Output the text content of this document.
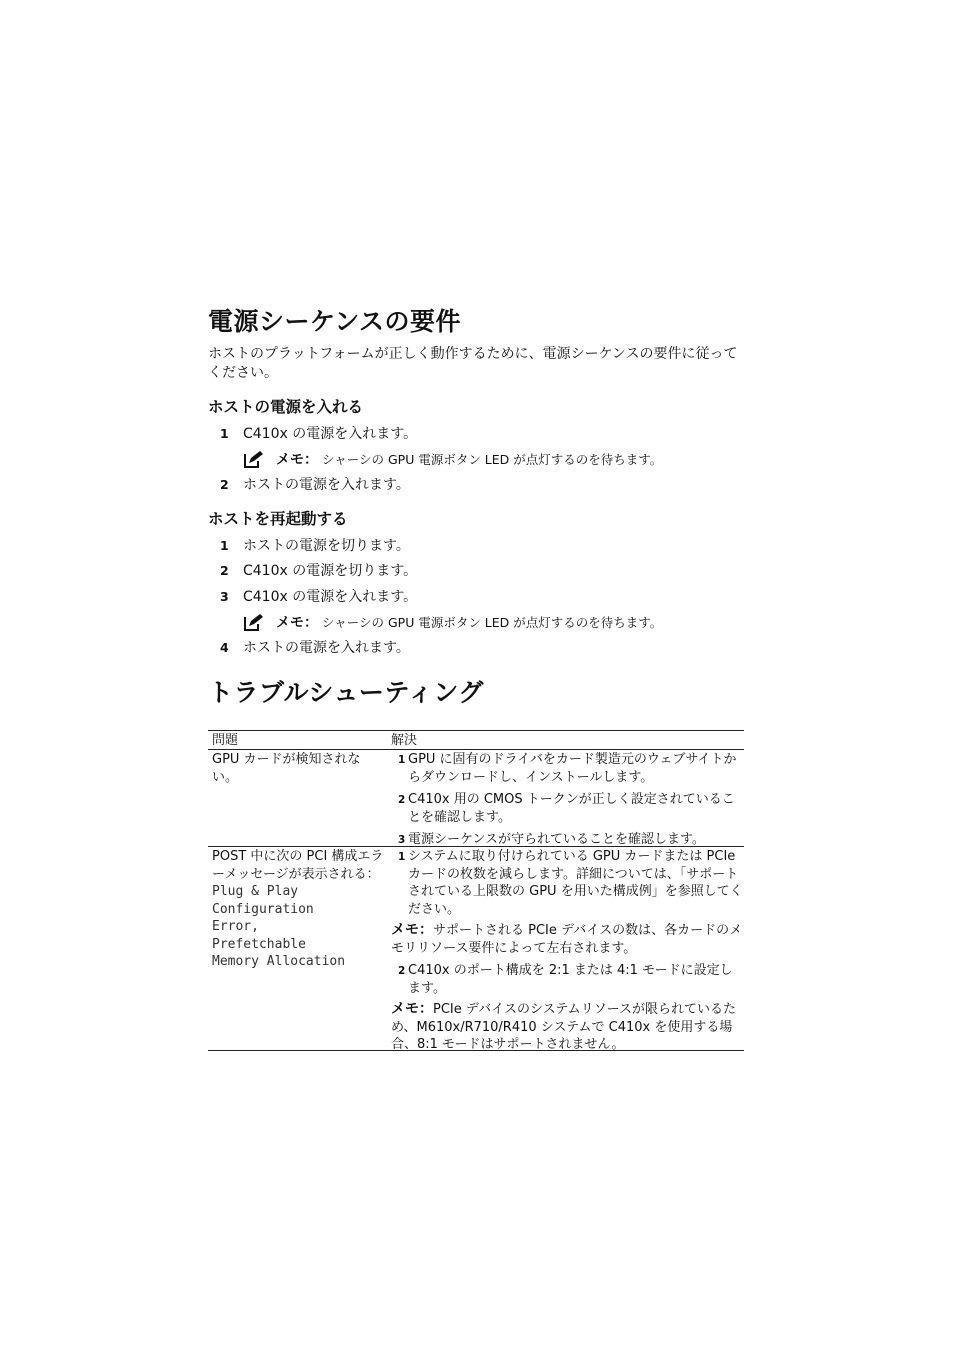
電源シーケンスの要件
ホストのプラットフォームが正しく動作するために、電源シーケンスの要件に従ってください。
ホストの電源を入れる
1 C410x の電源を入れます。
メモ： シャーシの GPU 電源ボタン LED が点灯するのを待ちます。
2 ホストの電源を入れます。
ホストを再起動する
1 ホストの電源を切ります。
2 C410x の電源を切ります。
3 C410x の電源を入れます。
メモ： シャーシの GPU 電源ボタン LED が点灯するのを待ちます。
4 ホストの電源を入れます。
トラブルシューティング
問題	解決
GPU カードが検知されない。
1 GPU に固有のドライバをカード製造元のウェブサイトからダウンロードし、インストールします。
2 C410x 用の CMOS トークンが正しく設定されていることを確認します。
3 電源シーケンスが守られていることを確認します。
POST 中に次の PCI 構成エラーメッセージが表示される：
Plug & Play
Configuration
Error,
Prefetchable
Memory Allocation
1 システムに取り付けられている GPU カードまたは PCIe カードの枚数を減らします。詳細については、「サポートされている上限数の GPU を用いた構成例」を参照してください。
メモ：サポートされる PCIe デバイスの数は、各カードのメモリリソース要件によって左右されます。
2 C410x のポート構成を 2:1 または 4:1 モードに設定します。
メモ：PCIe デバイスのシステムリソースが限られているため、M610x/R710/R410 システムで C410x を使用する場合、8:1 モードはサポートされません。
